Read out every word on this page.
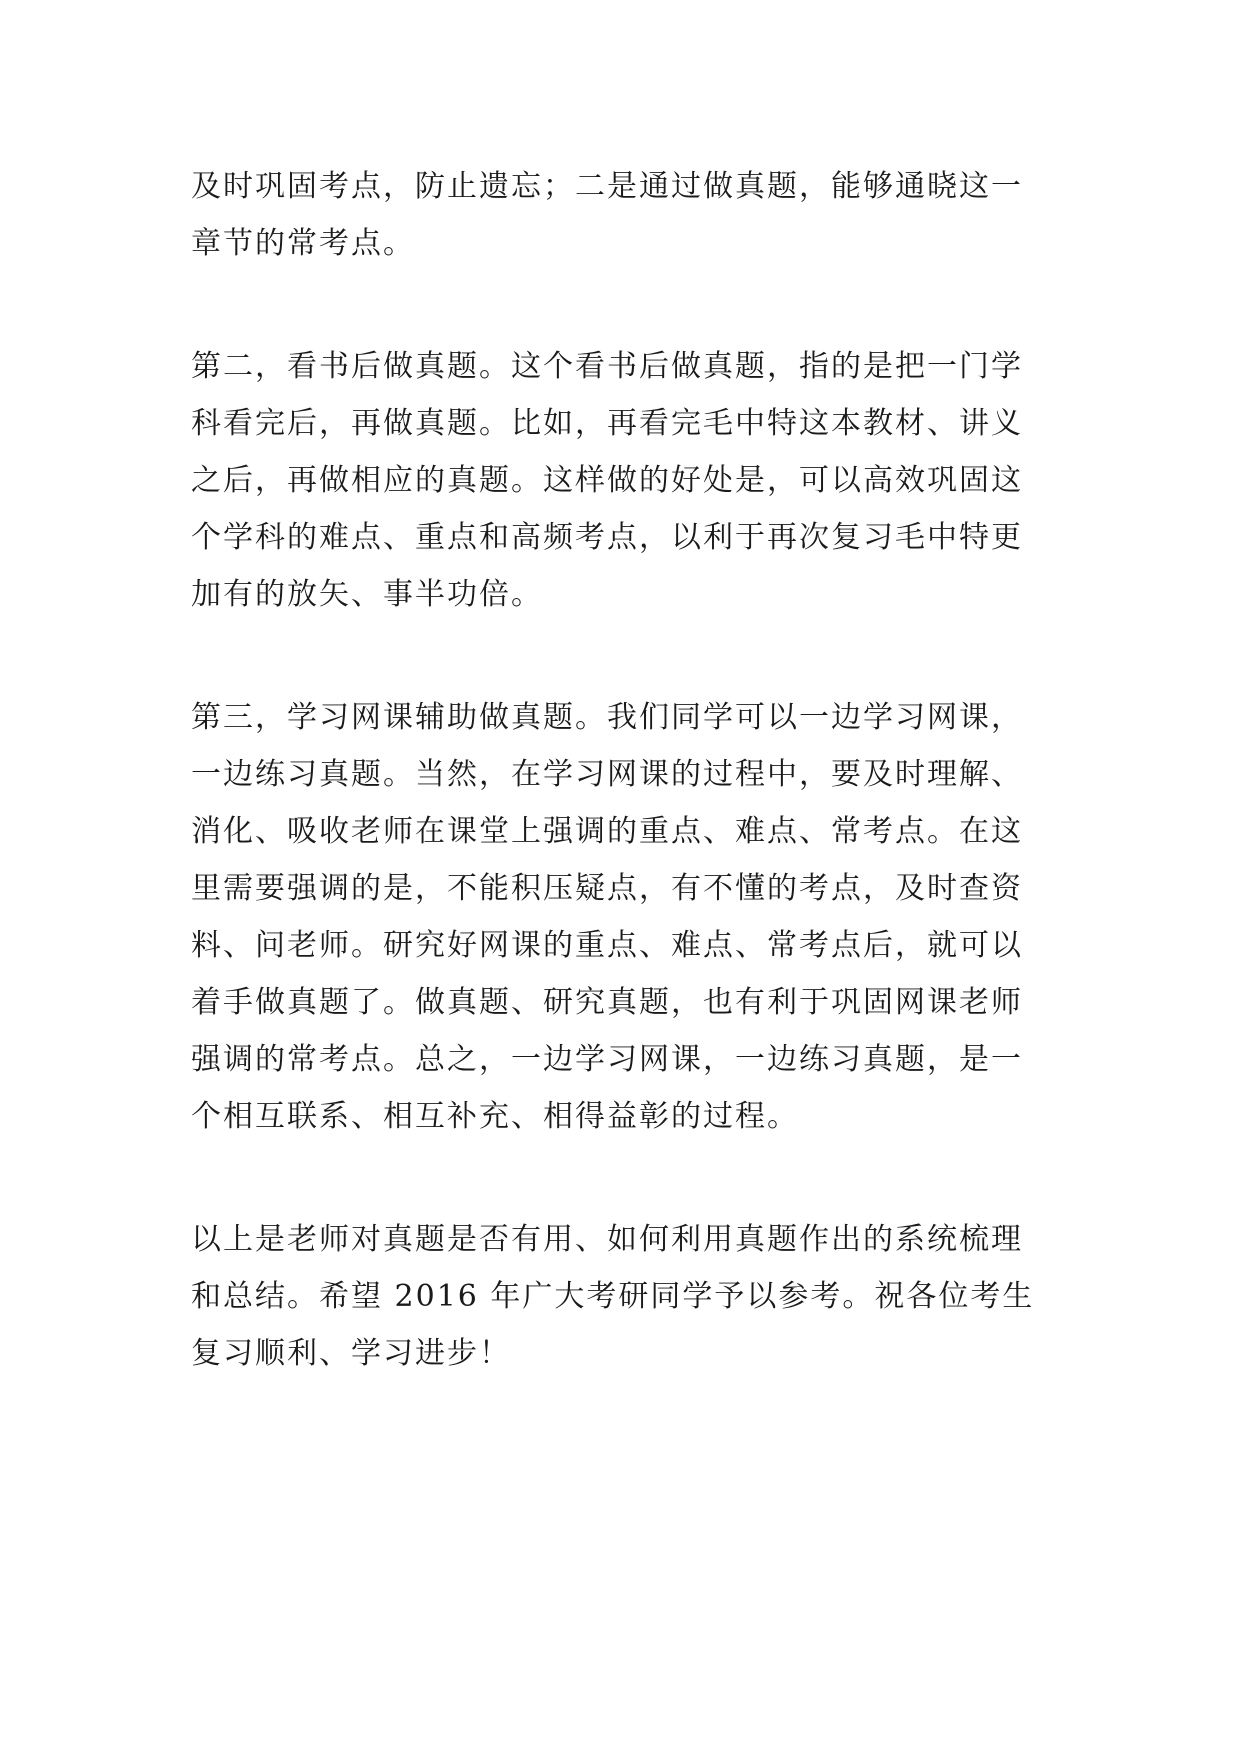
及时巩固考点，防止遗忘；二是通过做真题，能够通晓这一
章节的常考点。

第二，看书后做真题。这个看书后做真题，指的是把一门学
科看完后，再做真题。比如，再看完毛中特这本教材、讲义
之后，再做相应的真题。这样做的好处是，可以高效巩固这
个学科的难点、重点和高频考点，以利于再次复习毛中特更
加有的放矢、事半功倍。

第三，学习网课辅助做真题。我们同学可以一边学习网课，
一边练习真题。当然，在学习网课的过程中，要及时理解、
消化、吸收老师在课堂上强调的重点、难点、常考点。在这
里需要强调的是，不能积压疑点，有不懂的考点，及时查资
料、问老师。研究好网课的重点、难点、常考点后，就可以
着手做真题了。做真题、研究真题，也有利于巩固网课老师
强调的常考点。总之，一边学习网课，一边练习真题，是一
个相互联系、相互补充、相得益彰的过程。

以上是老师对真题是否有用、如何利用真题作出的系统梳理
和总结。希望 2016 年广大考研同学予以参考。祝各位考生
复习顺利、学习进步！
